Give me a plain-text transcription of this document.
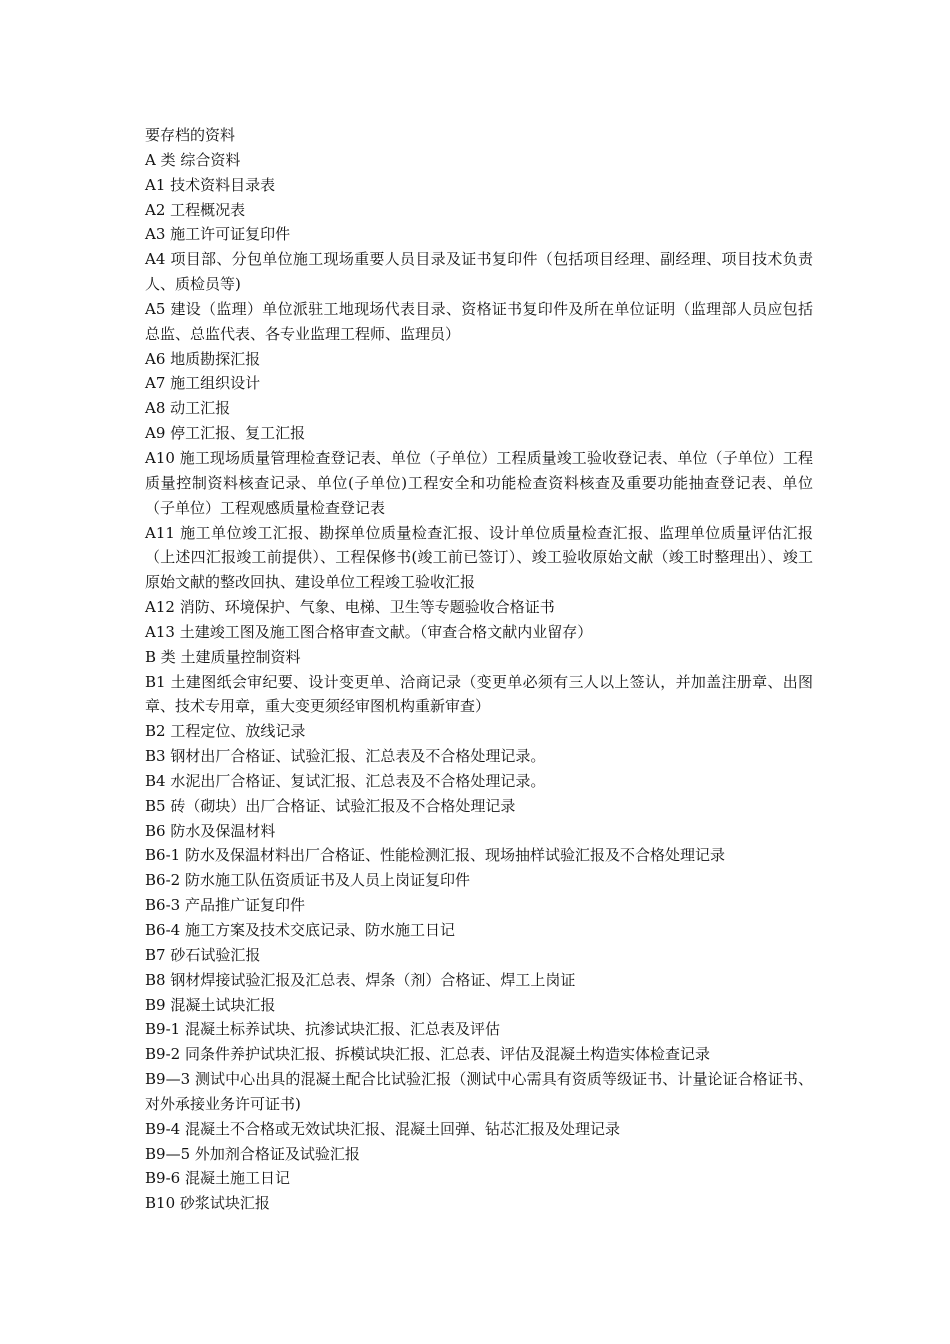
要存档的资料

A 类 综合资料

A1 技术资料目录表

A2 工程概况表

A3 施工许可证复印件

A4 项目部、分包单位施工现场重要人员目录及证书复印件（包括项目经理、副经理、项目技术负责人、质检员等)

A5 建设（监理）单位派驻工地现场代表目录、资格证书复印件及所在单位证明（监理部人员应包括总监、总监代表、各专业监理工程师、监理员）

A6 地质勘探汇报

A7 施工组织设计

A8 动工汇报

A9 停工汇报、复工汇报

A10 施工现场质量管理检查登记表、单位（子单位）工程质量竣工验收登记表、单位（子单位）工程质量控制资料核查记录、单位(子单位)工程安全和功能检查资料核查及重要功能抽查登记表、单位（子单位）工程观感质量检查登记表

A11 施工单位竣工汇报、勘探单位质量检查汇报、设计单位质量检查汇报、监理单位质量评估汇报（上述四汇报竣工前提供）、工程保修书(竣工前已签订）、竣工验收原始文献（竣工时整理出）、竣工原始文献的整改回执、建设单位工程竣工验收汇报

A12 消防、环境保护、气象、电梯、卫生等专题验收合格证书

A13 土建竣工图及施工图合格审查文献。（审查合格文献内业留存）

B 类 土建质量控制资料

B1 土建图纸会审纪要、设计变更单、洽商记录（变更单必须有三人以上签认，并加盖注册章、出图章、技术专用章，重大变更须经审图机构重新审查）

B2 工程定位、放线记录

B3 钢材出厂合格证、试验汇报、汇总表及不合格处理记录。

B4 水泥出厂合格证、复试汇报、汇总表及不合格处理记录。

B5 砖（砌块）出厂合格证、试验汇报及不合格处理记录

B6 防水及保温材料

B6-1 防水及保温材料出厂合格证、性能检测汇报、现场抽样试验汇报及不合格处理记录

B6-2 防水施工队伍资质证书及人员上岗证复印件

B6-3 产品推广证复印件

B6-4 施工方案及技术交底记录、防水施工日记

B7 砂石试验汇报

B8 钢材焊接试验汇报及汇总表、焊条（剂）合格证、焊工上岗证

B9 混凝土试块汇报

B9-1 混凝土标养试块、抗渗试块汇报、汇总表及评估

B9-2 同条件养护试块汇报、拆模试块汇报、汇总表、评估及混凝土构造实体检查记录

B9—3 测试中心出具的混凝土配合比试验汇报（测试中心需具有资质等级证书、计量论证合格证书、对外承接业务许可证书)

B9-4 混凝土不合格或无效试块汇报、混凝土回弹、钻芯汇报及处理记录

B9—5 外加剂合格证及试验汇报

B9-6 混凝土施工日记

B10 砂浆试块汇报
